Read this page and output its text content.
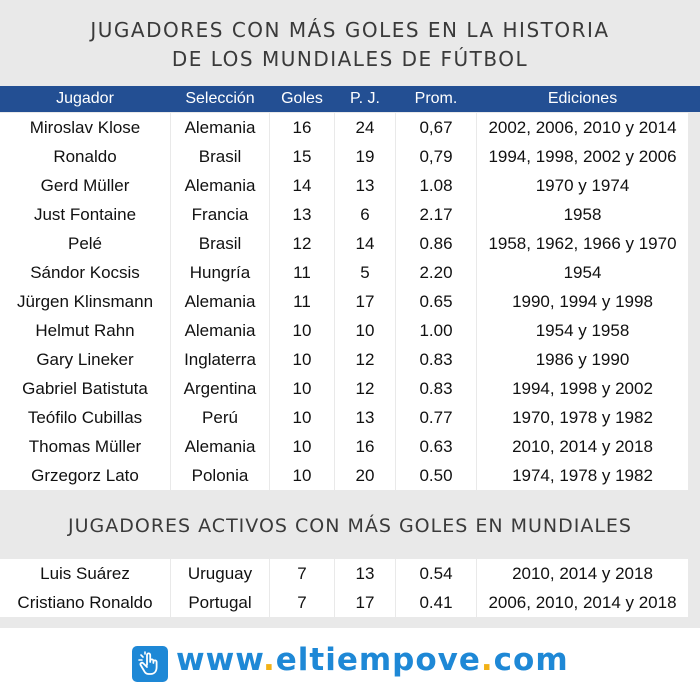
JUGADORES CON MÁS GOLES EN LA HISTORIA
DE LOS MUNDIALES DE FÚTBOL
Jugador	Selección	Goles	P. J.	Prom.	Ediciones
Miroslav Klose	Alemania	16	24	0,67	2002, 2006, 2010 y 2014
Ronaldo	Brasil	15	19	0,79	1994, 1998, 2002 y 2006
Gerd Müller	Alemania	14	13	1.08	1970 y 1974
Just Fontaine	Francia	13	6	2.17	1958
Pelé	Brasil	12	14	0.86	1958, 1962, 1966 y 1970
Sándor Kocsis	Hungría	11	5	2.20	1954
Jürgen Klinsmann	Alemania	11	17	0.65	1990, 1994 y 1998
Helmut Rahn	Alemania	10	10	1.00	1954 y 1958
Gary Lineker	Inglaterra	10	12	0.83	1986 y 1990
Gabriel Batistuta	Argentina	10	12	0.83	1994, 1998 y 2002
Teófilo Cubillas	Perú	10	13	0.77	1970, 1978 y 1982
Thomas Müller	Alemania	10	16	0.63	2010, 2014 y 2018
Grzegorz Lato	Polonia	10	20	0.50	1974, 1978 y 1982
JUGADORES ACTIVOS CON MÁS GOLES EN MUNDIALES
Luis Suárez	Uruguay	7	13	0.54	2010, 2014 y 2018
Cristiano Ronaldo	Portugal	7	17	0.41	2006, 2010, 2014 y 2018
www.eltiempove.com
